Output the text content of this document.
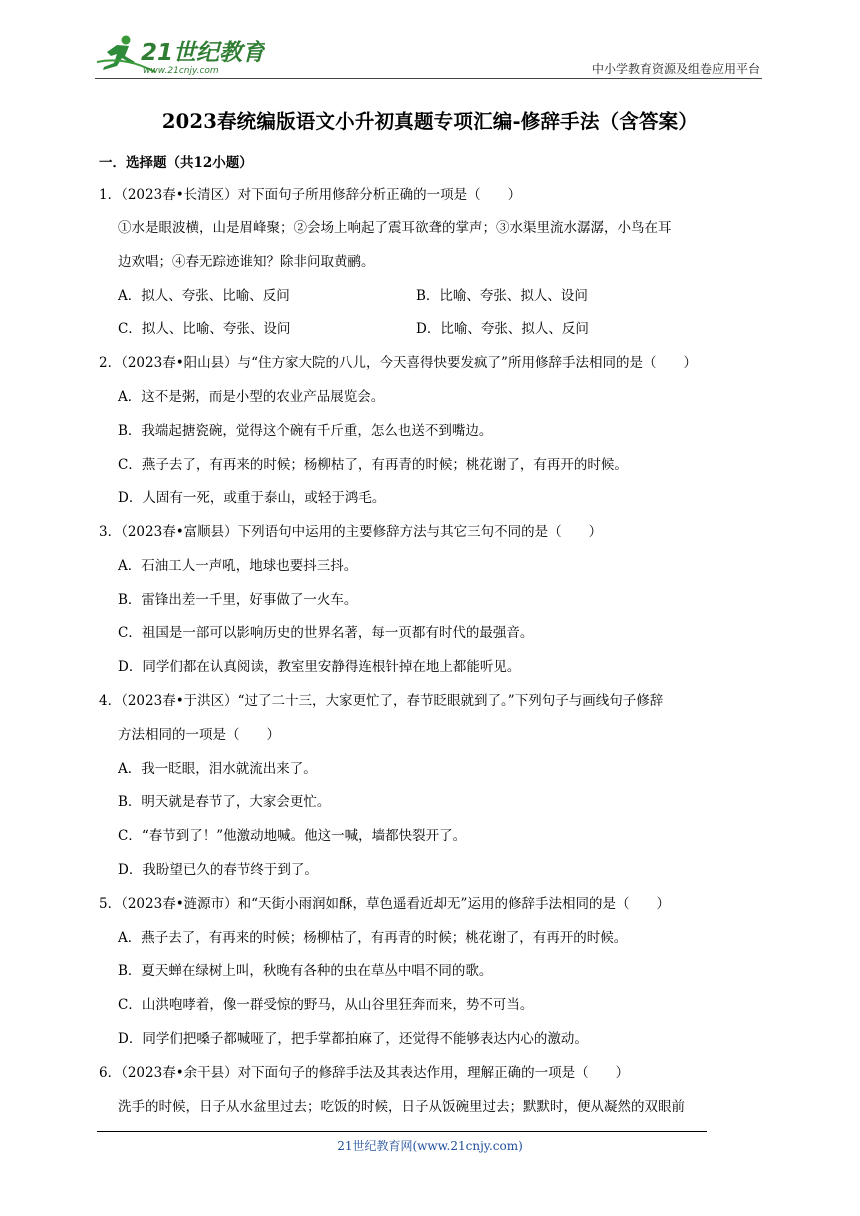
21世纪教育
www.21cnjy.com	中小学教育资源及组卷应用平台
2023春统编版语文小升初真题专项汇编-修辞手法（含答案）
一．选择题（共12小题）
1．（2023春•长清区）对下面句子所用修辞分析正确的一项是（　　）
①水是眼波横，山是眉峰聚；②会场上响起了震耳欲聋的掌声；③水渠里流水潺潺，小鸟在耳
边欢唱；④春无踪迹谁知？除非问取黄鹂。
A．拟人、夸张、比喻、反问	B．比喻、夸张、拟人、设问
C．拟人、比喻、夸张、设问	D．比喻、夸张、拟人、反问
2．（2023春•阳山县）与“住方家大院的八儿，今天喜得快要发疯了”所用修辞手法相同的是（　　）
A．这不是粥，而是小型的农业产品展览会。
B．我端起搪瓷碗，觉得这个碗有千斤重，怎么也送不到嘴边。
C．燕子去了，有再来的时候；杨柳枯了，有再青的时候；桃花谢了，有再开的时候。
D．人固有一死，或重于泰山，或轻于鸿毛。
3．（2023春•富顺县）下列语句中运用的主要修辞方法与其它三句不同的是（　　）
A．石油工人一声吼，地球也要抖三抖。
B．雷锋出差一千里，好事做了一火车。
C．祖国是一部可以影响历史的世界名著，每一页都有时代的最强音。
D．同学们都在认真阅读，教室里安静得连根针掉在地上都能听见。
4．（2023春•于洪区）“过了二十三，大家更忙了，春节眨眼就到了。”下列句子与画线句子修辞
方法相同的一项是（　　）
A．我一眨眼，泪水就流出来了。
B．明天就是春节了，大家会更忙。
C．“春节到了！”他激动地喊。他这一喊，墙都快裂开了。
D．我盼望已久的春节终于到了。
5．（2023春•涟源市）和“天街小雨润如酥，草色遥看近却无”运用的修辞手法相同的是（　　）
A．燕子去了，有再来的时候；杨柳枯了，有再青的时候；桃花谢了，有再开的时候。
B．夏天蝉在绿树上叫，秋晚有各种的虫在草丛中唱不同的歌。
C．山洪咆哮着，像一群受惊的野马，从山谷里狂奔而来，势不可当。
D．同学们把嗓子都喊哑了，把手掌都拍麻了，还觉得不能够表达内心的激动。
6．（2023春•余干县）对下面句子的修辞手法及其表达作用，理解正确的一项是（　　）
洗手的时候，日子从水盆里过去；吃饭的时候，日子从饭碗里过去；默默时，便从凝然的双眼前
21世纪教育网(www.21cnjy.com)
